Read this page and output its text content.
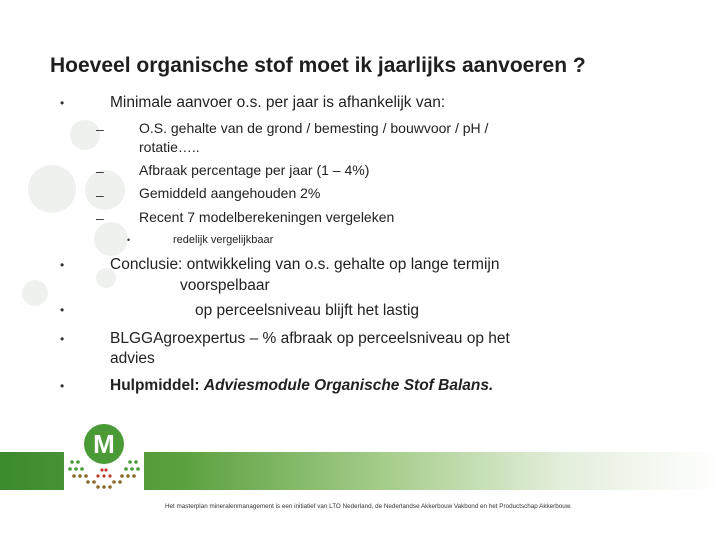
Hoeveel organische stof moet ik jaarlijks aanvoeren ?
•	Minimale aanvoer o.s. per jaar is afhankelijk van:
–	O.S. gehalte van de grond / bemesting / bouwvoor / pH /
rotatie…..
–	Afbraak percentage per jaar (1 – 4%)
–	Gemiddeld aangehouden 2%
–	Recent 7 modelberekeningen vergeleken
•	redelijk vergelijkbaar
•	Conclusie: ontwikkeling van o.s. gehalte op lange termijn
voorspelbaar
•	op perceelsniveau blijft het lastig
•	BLGGAgroexpertus – % afbraak op perceelsniveau op het
advies
•	Hulpmiddel: Adviesmodule Organische Stof Balans.
M
Het masterplan mineralenmanagement is een initiatief van LTO Nederland, de Nederlandse Akkerbouw Vakbond en het Productschap Akkerbouw.
